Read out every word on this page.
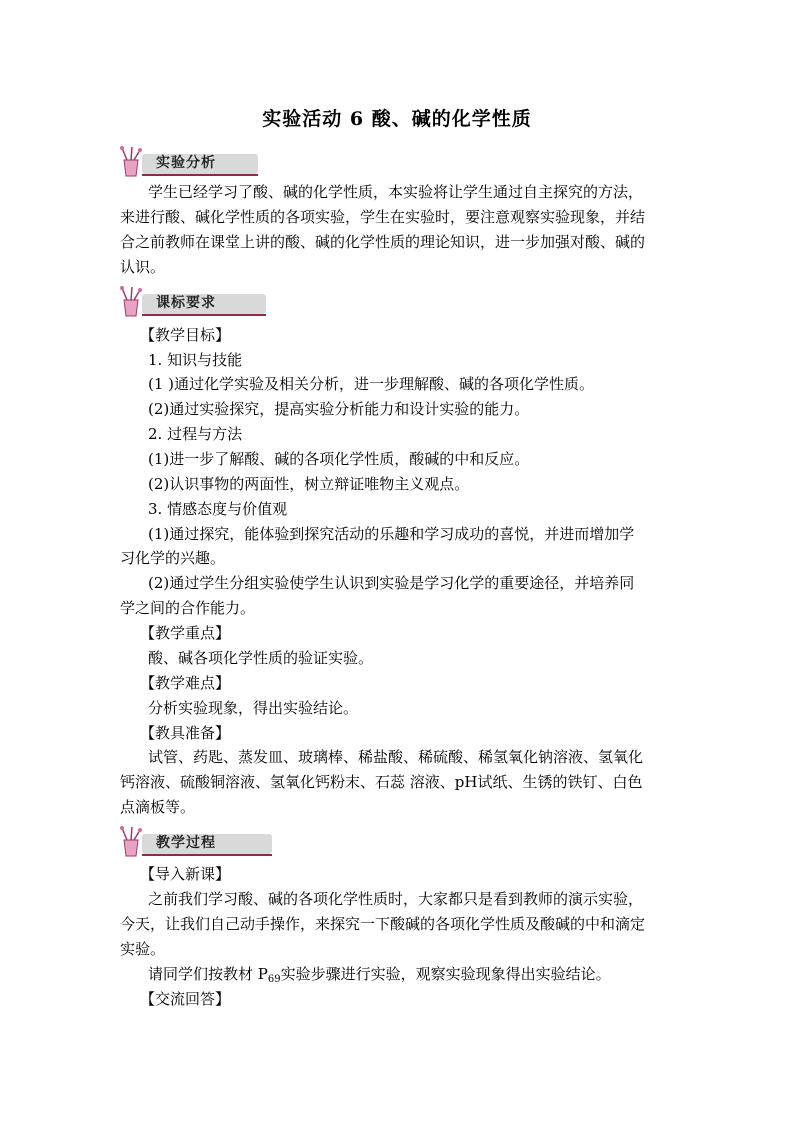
实验活动 6 酸、碱的化学性质
实验分析
学生已经学习了酸、碱的化学性质，本实验将让学生通过自主探究的方法，
来进行酸、碱化学性质的各项实验，学生在实验时，要注意观察实验现象，并结
合之前教师在课堂上讲的酸、碱的化学性质的理论知识，进一步加强对酸、碱的
认识。
课标要求
【教学目标】
1. 知识与技能
(1 )通过化学实验及相关分析，进一步理解酸、碱的各项化学性质。
(2)通过实验探究，提高实验分析能力和设计实验的能力。
2. 过程与方法
(1)进一步了解酸、碱的各项化学性质，酸碱的中和反应。
(2)认识事物的两面性，树立辩证唯物主义观点。
3. 情感态度与价值观
(1)通过探究，能体验到探究活动的乐趣和学习成功的喜悦，并进而增加学
习化学的兴趣。
(2)通过学生分组实验使学生认识到实验是学习化学的重要途径，并培养同
学之间的合作能力。
【教学重点】
酸、碱各项化学性质的验证实验。
【教学难点】
分析实验现象，得出实验结论。
【教具准备】
试管、药匙、蒸发皿、玻璃棒、稀盐酸、稀硫酸、稀氢氧化钠溶液、氢氧化
钙溶液、硫酸铜溶液、氢氧化钙粉末、石蕊 溶液、pH试纸、生锈的铁钉、白色
点滴板等。
教学过程
【导入新课】
之前我们学习酸、碱的各项化学性质时，大家都只是看到教师的演示实验，
今天，让我们自己动手操作，来探究一下酸碱的各项化学性质及酸碱的中和滴定
实验。
请同学们按教材 $P_{69}$实验步骤进行实验，观察实验现象得出实验结论。
【交流回答】
